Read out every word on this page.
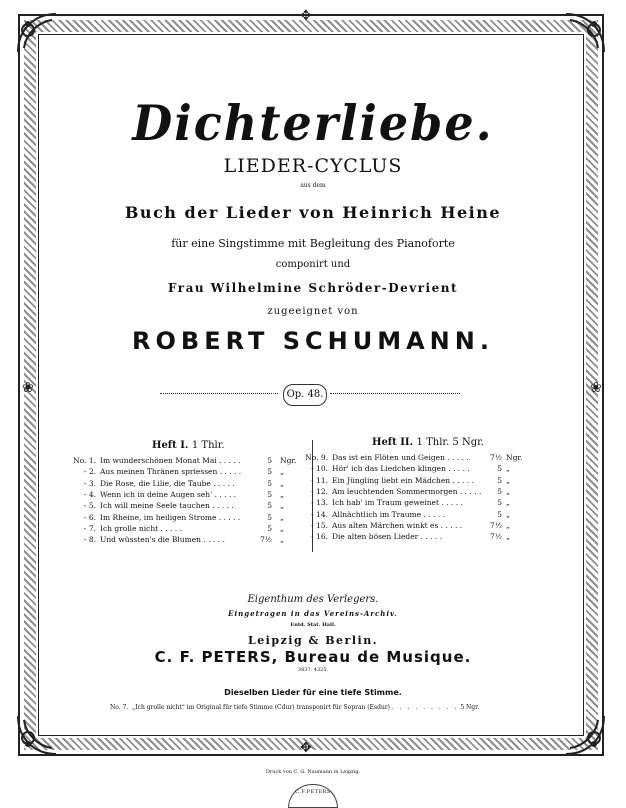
✥
✥
❀	❀
Dichterliebe.
LIEDER-CYCLUS
aus dem
Buch der Lieder von Heinrich Heine
für eine Singstimme mit Begleitung des Pianoforte
componirt und
Frau Wilhelmine Schröder-Devrient
zugeeignet von
ROBERT SCHUMANN.
Op. 48.
Heft I. 1 Thlr.
No. 1. Im wunderschönen Monat Mai . . . . .	5 Ngr.
- 2. Aus meinen Thränen spriessen . . . . .	5 „
- 3. Die Rose, die Lilie, die Taube . . . . .	5 „
- 4. Wenn ich in deine Augen seh' . . . . .	5 „
- 5. Ich will meine Seele tauchen . . . . .	5 „
- 6. Im Rheine, im heiligen Strome . . . . .	5 „
- 7. Ich grolle nicht . . . . .	5 „
- 8. Und wüssten's die Blumen . . . . .	7½ „
Heft II. 1 Thlr. 5 Ngr.
No. 9. Das ist ein Flöten und Geigen . . . . .	7½ Ngr.
- 10. Hör' ich das Liedchen klingen . . . . .	5 „
- 11. Ein Jüngling liebt ein Mädchen . . . . .	5 „
- 12. Am leuchtenden Sommermorgen . . . . .	5 „
- 13. Ich hab' im Traum geweinet . . . . .	5 „
- 14. Allnächtlich im Traume . . . . .	5 „
- 15. Aus alten Märchen winkt es . . . . .	7½ „
- 16. Die alten bösen Lieder . . . . .	7½ „
Eigenthum des Verlegers.
Eingetragen in das Vereins-Archiv.
Entd. Stat. Hall.
Leipzig & Berlin.
C. F. PETERS, Bureau de Musique.
3837. 4325.
Dieselben Lieder für eine tiefe Stimme.
No. 7. „Ich grolle nicht“ im Original für tiefe Stimme (Cdur) transponirt für Sopran (Esdur) . . . . . . . . . 5 Ngr.
Druck von C. G. Naumann in Leipzig.
C.F.PETERS
